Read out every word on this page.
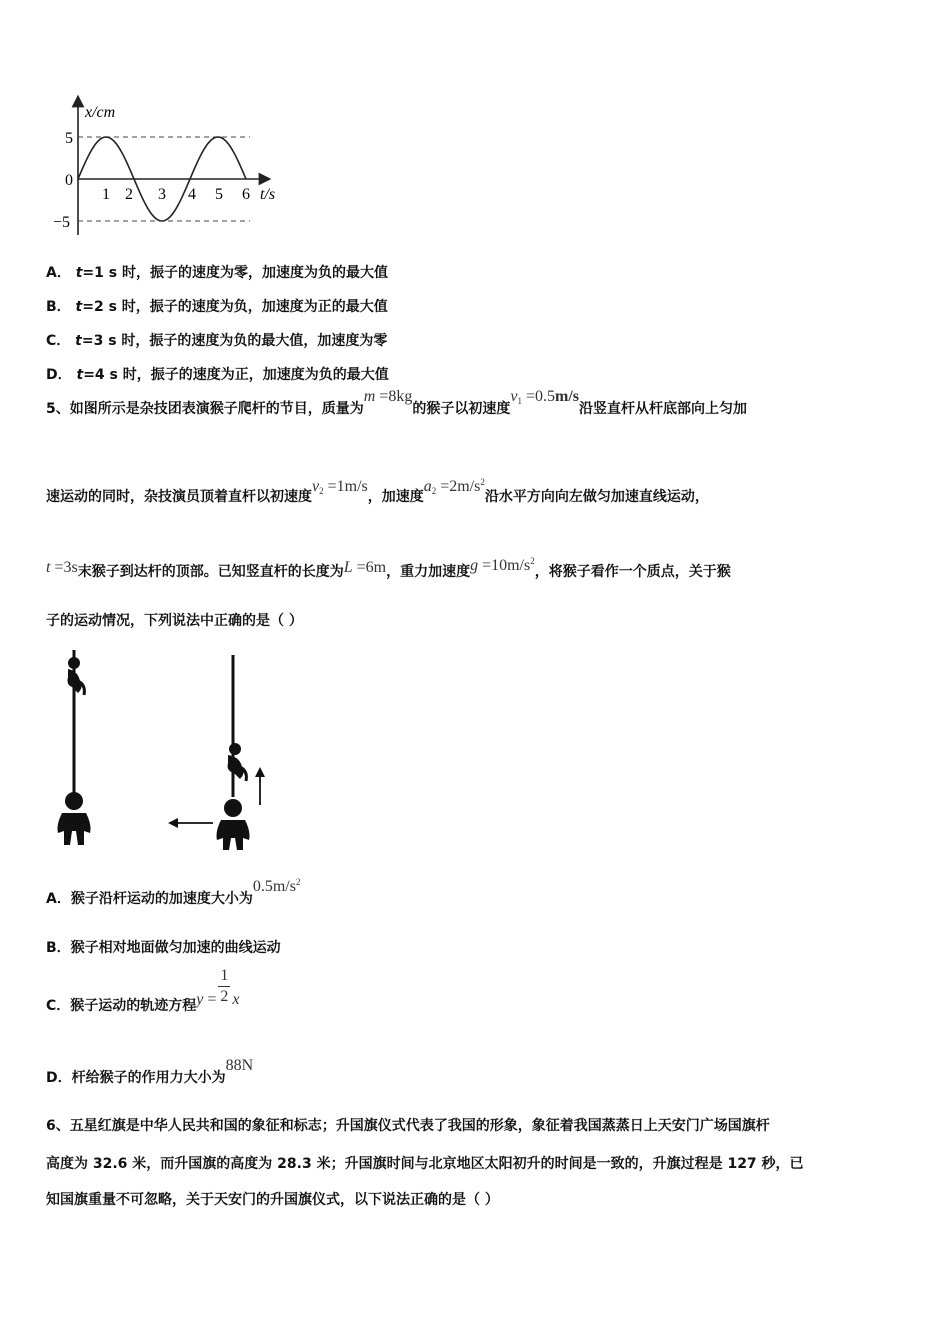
x/cm
t/s
5
0
−5
1 2 3 4 5 6
A． t=1 s 时，振子的速度为零，加速度为负的最大值
B． t=2 s 时，振子的速度为负，加速度为正的最大值
C． t=3 s 时，振子的速度为负的最大值，加速度为零
D． t=4 s 时，振子的速度为正，加速度为负的最大值
5、如图所示是杂技团表演猴子爬杆的节目，质量为m =8kg的猴子以初速度v1 =0.5m/s沿竖直杆从杆底部向上匀加
速运动的同时，杂技演员顶着直杆以初速度v2 =1m/s，加速度$a2 =2m/s^2$沿水平方向向左做匀加速直线运动，
t =3s末猴子到达杆的顶部。已知竖直杆的长度为L =6m，重力加速度$g =10m/s^2$，将猴子看作一个质点，关于猴
子的运动情况，下列说法中正确的是（ ）
A．猴子沿杆运动的加速度大小为$0.5m/s^2$
B．猴子相对地面做匀加速的曲线运动
C．猴子运动的轨迹方程$y = \frac{1}{2}$ x
D．杆给猴子的作用力大小为88N
6、五星红旗是中华人民共和国的象征和标志；升国旗仪式代表了我国的形象，象征着我国蒸蒸日上天安门广场国旗杆
高度为 32.6 米，而升国旗的高度为 28.3 米；升国旗时间与北京地区太阳初升的时间是一致的，升旗过程是 127 秒，已
知国旗重量不可忽略，关于天安门的升国旗仪式，以下说法正确的是（ ）
